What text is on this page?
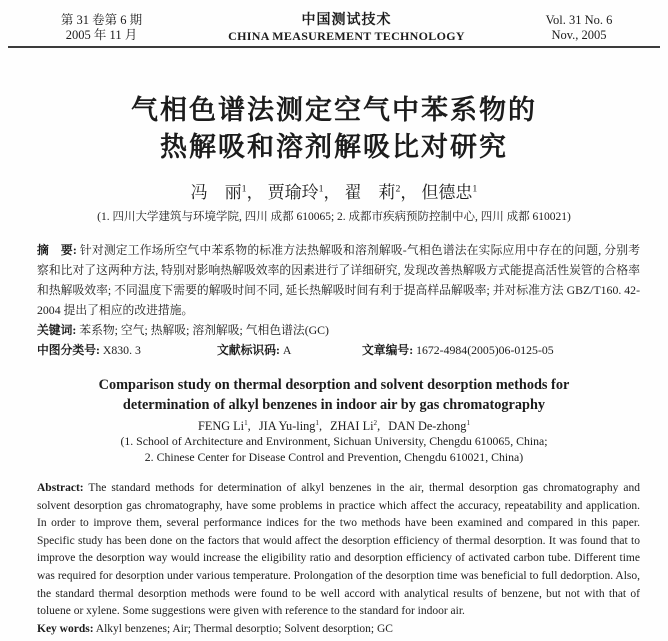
第 31 卷第 6 期
2005 年 11 月
中国测试技术
CHINA MEASUREMENT TECHNOLOGY
Vol. 31 No. 6
Nov., 2005
气相色谱法测定空气中苯系物的
热解吸和溶剂解吸比对研究
冯　丽$^1$， 贾瑜玲$^1$， 翟　莉$^2$， 但德忠$^1$
(1. 四川大学建筑与环境学院, 四川 成都 610065; 2. 成都市疾病预防控制中心, 四川 成都 610021)

摘　要: 针对测定工作场所空气中苯系物的标准方法热解吸和溶剂解吸-气相色谱法在实际应用中存在的问题, 分别考察和比对了这两种方法, 特别对影响热解吸效率的因素进行了详细研究, 发现改善热解吸方式能提高活性炭管的合格率和热解吸效率; 不同温度下需要的解吸时间不同, 延长热解吸时间有利于提高样品解吸率; 并对标准方法 GBZ/T160. 42-2004 提出了相应的改进措施。

关键词: 苯系物; 空气; 热解吸; 溶剂解吸; 气相色谱法(GC)

中图分类号: X830. 3	文献标识码: A	文章编号: 1672-4984(2005)06-0125-05
Comparison study on thermal desorption and solvent desorption methods for
determination of alkyl benzenes in indoor air by gas chromatography
FENG Li$^1$, JIA Yu-ling$^1$, ZHAI Li$^2$, DAN De-zhong$^1$
(1. School of Architecture and Environment, Sichuan University, Chengdu 610065, China;
2. Chinese Center for Disease Control and Prevention, Chengdu 610021, China)

Abstract: The standard methods for determination of alkyl benzenes in the air, thermal desorption gas chromatography and solvent desorption gas chromatography, have some problems in practice which affect the accuracy, repeatability and application. In order to improve them, several performance indices for the two methods have been examined and compared in this paper. Specific study has been done on the factors that would affect the desorption efficiency of thermal desorption. It was found that to improve the desorption way would increase the eligibility ratio and desorption efficiency of activated carbon tube. Different time was required for desorption under various temperature. Prolongation of the desorption time was beneficial to full dedorption. Also, the standard thermal desorption methods were found to be well accord with analytical results of benzene, but not with that of toluene or xylene. Some suggestions were given with reference to the standard for indoor air.

Key words: Alkyl benzenes; Air; Thermal desorptio; Solvent desorption; GC
